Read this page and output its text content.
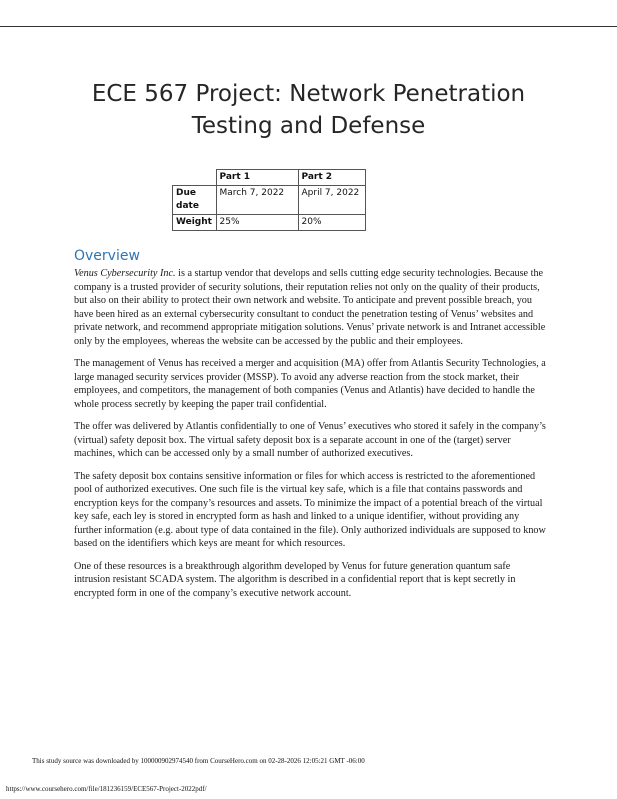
ECE 567 Project: Network Penetration
Testing and Defense
	Part 1	Part 2
Due date	March 7, 2022	April 7, 2022
Weight	25%	20%
Overview

Venus Cybersecurity Inc. is a startup vendor that develops and sells cutting edge security technologies. Because the company is a trusted provider of security solutions, their reputation relies not only on the quality of their products, but also on their ability to protect their own network and website. To anticipate and prevent possible breach, you have been hired as an external cybersecurity consultant to conduct the penetration testing of Venus’ websites and private network, and recommend appropriate mitigation solutions. Venus’ private network is and Intranet accessible only by the employees, whereas the website can be accessed by the public and their employees.

The management of Venus has received a merger and acquisition (MA) offer from Atlantis Security Technologies, a large managed security services provider (MSSP). To avoid any adverse reaction from the stock market, their employees, and competitors, the management of both companies (Venus and Atlantis) have decided to handle the whole process secretly by keeping the paper trail confidential.

The offer was delivered by Atlantis confidentially to one of Venus’ executives who stored it safely in the company’s (virtual) safety deposit box. The virtual safety deposit box is a separate account in one of the (target) server machines, which can be accessed only by a small number of authorized executives.

The safety deposit box contains sensitive information or files for which access is restricted to the aforementioned pool of authorized executives. One such file is the virtual key safe, which is a file that contains passwords and encryption keys for the company’s resources and assets. To minimize the impact of a potential breach of the virtual key safe, each ley is stored in encrypted form as hash and linked to a unique identifier, without providing any further information (e.g. about type of data contained in the file). Only authorized individuals are supposed to know based on the identifiers which keys are meant for which resources.

One of these resources is a breakthrough algorithm developed by Venus for future generation quantum safe intrusion resistant SCADA system. The algorithm is described in a confidential report that is kept secretly in encrypted form in one of the company’s executive network account.

This study source was downloaded by 100000902974540 from CourseHero.com on 02-28-2026 12:05:21 GMT -06:00

https://www.coursehero.com/file/181236159/ECE567-Project-2022pdf/
